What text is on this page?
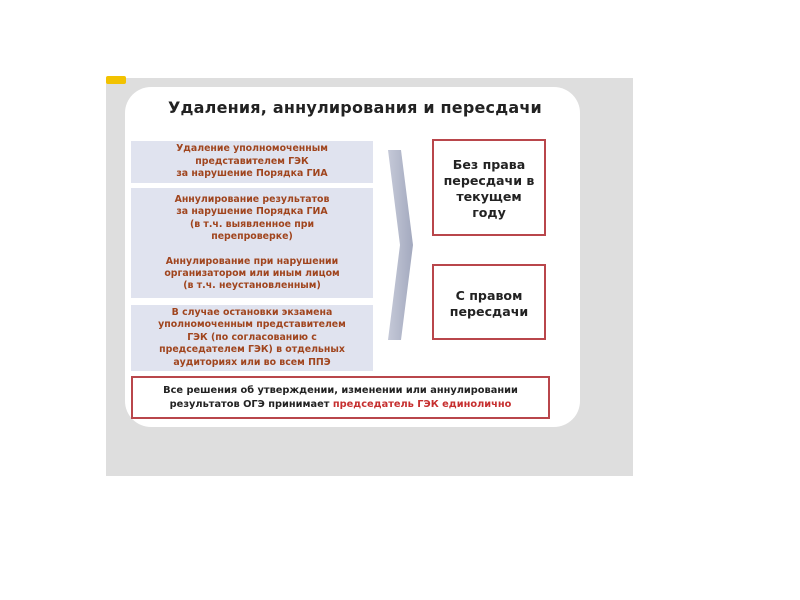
Удаления, аннулирования и пересдачи
Удаление уполномоченным
представителем ГЭК
за нарушение Порядка ГИА
Аннулирование результатов
за нарушение Порядка ГИА
(в т.ч. выявленное при
перепроверке)
Аннулирование при нарушении
организатором или иным лицом
(в т.ч. неустановленным)
В случае остановки экзамена
уполномоченным представителем
ГЭК (по согласованию с
председателем ГЭК) в отдельных
аудиториях или во всем ППЭ
Без права
пересдачи в
текущем
году
С правом
пересдачи
Все решения об утверждении, изменении или аннулировании
результатов ОГЭ принимает председатель ГЭК единолично
